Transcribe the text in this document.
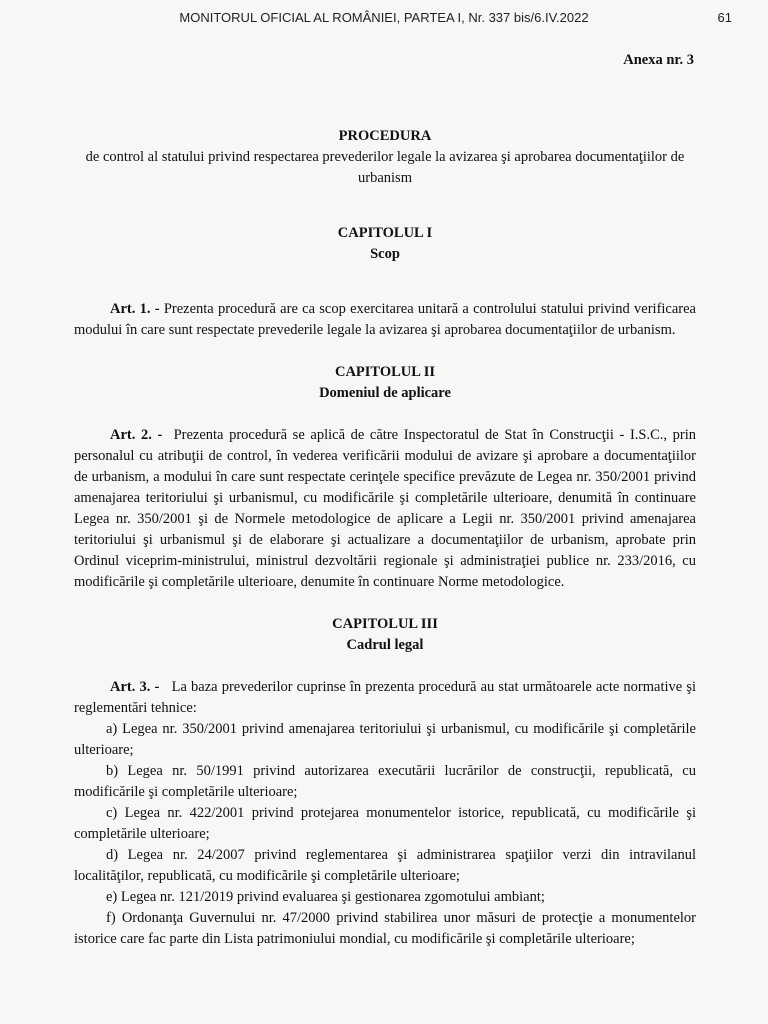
MONITORUL OFICIAL AL ROMÂNIEI, PARTEA I, Nr. 337 bis/6.IV.2022	61
Anexa nr. 3

PROCEDURA

de control al statului privind respectarea prevederilor legale la avizarea şi aprobarea documentaţiilor de urbanism

CAPITOLUL I

Scop

Art. 1. - Prezenta procedură are ca scop exercitarea unitară a controlului statului privind verificarea modului în care sunt respectate prevederile legale la avizarea şi aprobarea documentaţiilor de urbanism.

CAPITOLUL II

Domeniul de aplicare

Art. 2. - Prezenta procedură se aplică de către Inspectoratul de Stat în Construcţii - I.S.C., prin personalul cu atribuţii de control, în vederea verificării modului de avizare şi aprobare a documentaţiilor de urbanism, a modului în care sunt respectate cerinţele specifice prevăzute de Legea nr. 350/2001 privind amenajarea teritoriului şi urbanismul, cu modificările şi completările ulterioare, denumită în continuare Legea nr. 350/2001 şi de Normele metodologice de aplicare a Legii nr. 350/2001 privind amenajarea teritoriului şi urbanismul şi de elaborare şi actualizare a documentaţiilor de urbanism, aprobate prin Ordinul viceprim-ministrului, ministrul dezvoltării regionale şi administraţiei publice nr. 233/2016, cu modificările şi completările ulterioare, denumite în continuare Norme metodologice.

CAPITOLUL III

Cadrul legal

Art. 3. - La baza prevederilor cuprinse în prezenta procedură au stat următoarele acte normative şi reglementări tehnice:

a) Legea nr. 350/2001 privind amenajarea teritoriului şi urbanismul, cu modificările şi completările ulterioare;

b) Legea nr. 50/1991 privind autorizarea executării lucrărilor de construcţii, republicată, cu modificările şi completările ulterioare;

c) Legea nr. 422/2001 privind protejarea monumentelor istorice, republicată, cu modificările şi completările ulterioare;

d) Legea nr. 24/2007 privind reglementarea şi administrarea spaţiilor verzi din intravilanul localităţilor, republicată, cu modificările şi completările ulterioare;

e) Legea nr. 121/2019 privind evaluarea şi gestionarea zgomotului ambiant;

f) Ordonanţa Guvernului nr. 47/2000 privind stabilirea unor măsuri de protecţie a monumentelor istorice care fac parte din Lista patrimoniului mondial, cu modificările şi completările ulterioare;
